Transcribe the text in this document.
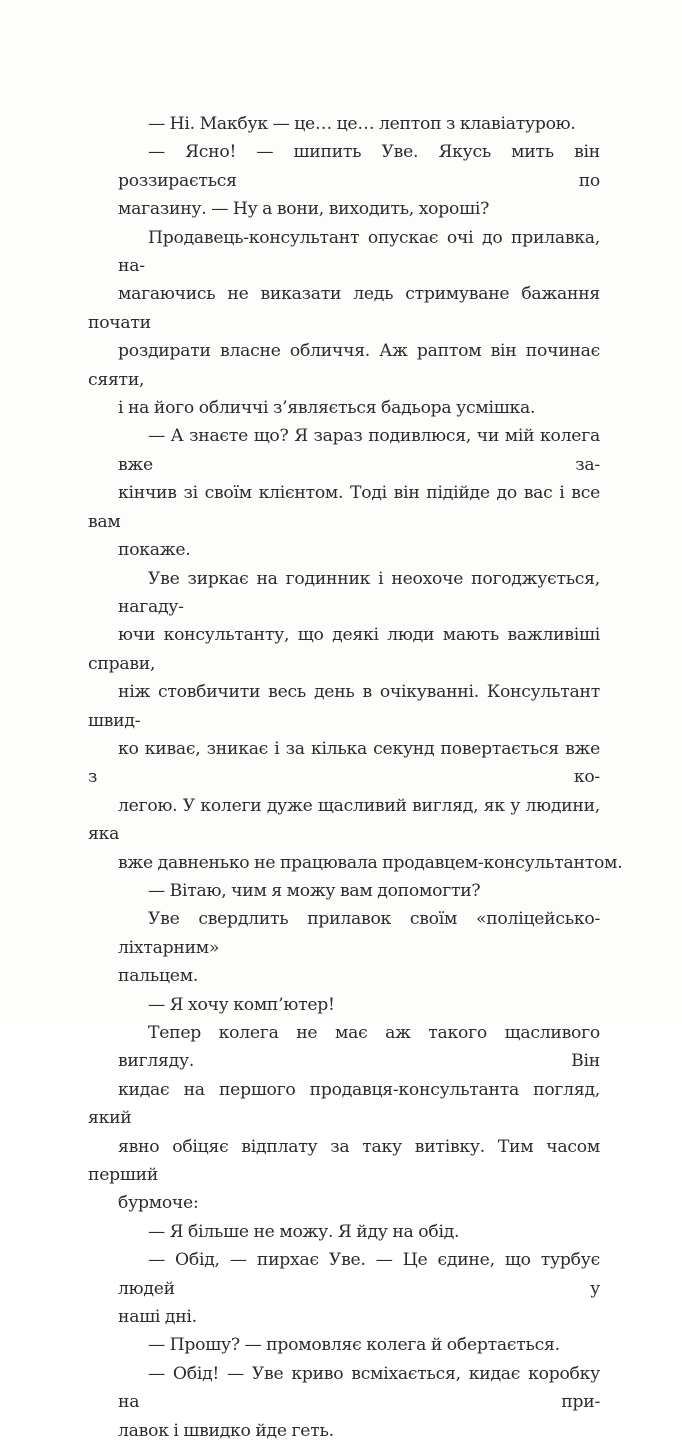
— Ні. Макбук — це… це… лептоп з клавіатурою.

— Ясно! — шипить Уве. Якусь мить він роззирається по
магазину. — Ну а вони, виходить, хороші?

Продавець-консультант опускає очі до прилавка, на-
магаючись не виказати ледь стримуване бажання почати
роздирати власне обличчя. Аж раптом він починає сяяти,
і на його обличчі з’являється бадьора усмішка.

— А знаєте що? Я зараз подивлюся, чи мій колега вже за-
кінчив зі своїм клієнтом. Тоді він підійде до вас і все вам
покаже.

Уве зиркає на годинник і неохоче погоджується, нагаду-
ючи консультанту, що деякі люди мають важливіші справи,
ніж стовбичити весь день в очікуванні. Консультант швид-
ко киває, зникає і за кілька секунд повертається вже з ко-
легою. У колеги дуже щасливий вигляд, як у людини, яка
вже давненько не працювала продавцем-консультантом.

— Вітаю, чим я можу вам допомогти?

Уве свердлить прилавок своїм «поліцейсько-ліхтарним»
пальцем.

— Я хочу комп’ютер!

Тепер колега не має аж такого щасливого вигляду. Він
кидає на першого продавця-консультанта погляд, який
явно обіцяє відплату за таку витівку. Тим часом перший
бурмоче:

— Я більше не можу. Я йду на обід.

— Обід, — пирхає Уве. — Це єдине, що турбує людей у
наші дні.

— Прошу? — промовляє колега й обертається.

— Обід! — Уве криво всміхається, кидає коробку на при-
лавок і швидко йде геть.
